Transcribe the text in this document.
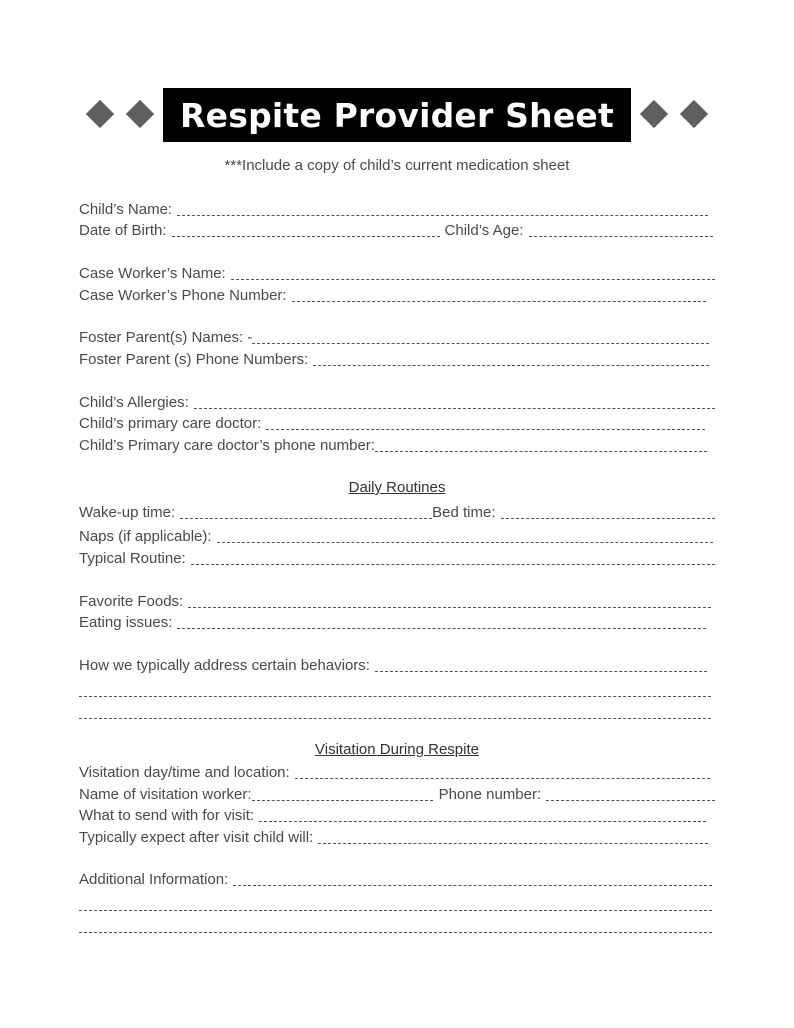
Respite Provider Sheet
***Include a copy of child’s current medication sheet
Child’s Name:
Date of Birth:	Child’s Age:
Case Worker’s Name:
Case Worker’s Phone Number:
Foster Parent(s) Names: -
Foster Parent (s) Phone Numbers:
Child’s Allergies:
Child’s primary care doctor:
Child’s Primary care doctor’s phone number:
Daily Routines
Wake-up time:	Bed time:
Naps (if applicable):
Typical Routine:
Favorite Foods:
Eating issues:
How we typically address certain behaviors:
Visitation During Respite
Visitation day/time and location:
Name of visitation worker:	Phone number:
What to send with for visit:
Typically expect after visit child will:
Additional Information:
